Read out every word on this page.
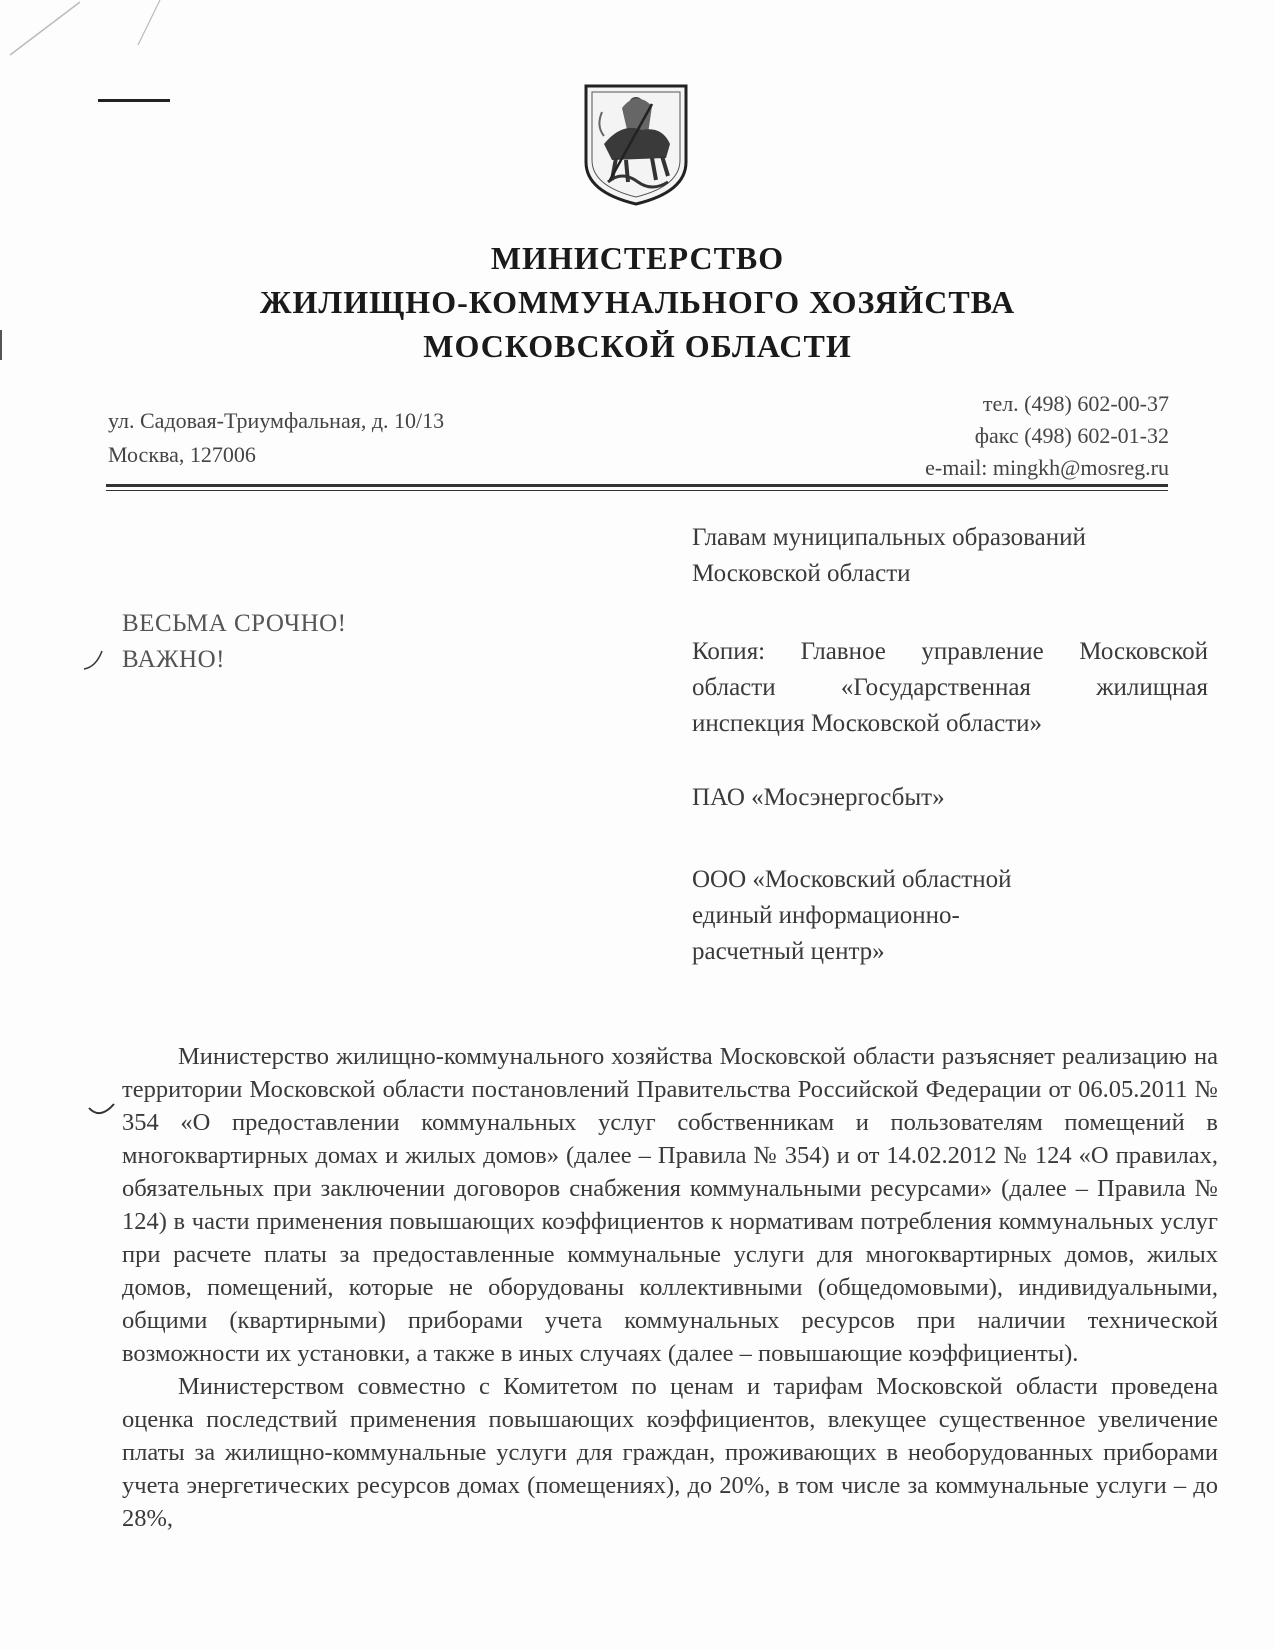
МИНИСТЕРСТВО
ЖИЛИЩНО-КОММУНАЛЬНОГО ХОЗЯЙСТВА
МОСКОВСКОЙ ОБЛАСТИ
ул. Садовая-Триумфальная, д. 10/13
Москва, 127006
тел. (498) 602-00-37
факс (498) 602-01-32
e-mail: mingkh@mosreg.ru
Главам муниципальных образований Московской области
Копия: Главное управление Московской области «Государственная жилищная инспекция Московской области»
ПАО «Мосэнергосбыт»
ООО «Московский областной единый информационно-расчетный центр»
ВЕСЬМА СРОЧНО!
ВАЖНО!

Министерство жилищно-коммунального хозяйства Московской области разъясняет реализацию на территории Московской области постановлений Правительства Российской Федерации от 06.05.2011 № 354 «О предоставлении коммунальных услуг собственникам и пользователям помещений в многоквартирных домах и жилых домов» (далее – Правила № 354) и от 14.02.2012 № 124 «О правилах, обязательных при заключении договоров снабжения коммунальными ресурсами» (далее – Правила № 124) в части применения повышающих коэффициентов к нормативам потребления коммунальных услуг при расчете платы за предоставленные коммунальные услуги для многоквартирных домов, жилых домов, помещений, которые не оборудованы коллективными (общедомовыми), индивидуальными, общими (квартирными) приборами учета коммунальных ресурсов при наличии технической возможности их установки, а также в иных случаях (далее – повышающие коэффициенты).

Министерством совместно с Комитетом по ценам и тарифам Московской области проведена оценка последствий применения повышающих коэффициентов, влекущее существенное увеличение платы за жилищно-коммунальные услуги для граждан, проживающих в необорудованных приборами учета энергетических ресурсов домах (помещениях), до 20%, в том числе за коммунальные услуги – до 28%,
